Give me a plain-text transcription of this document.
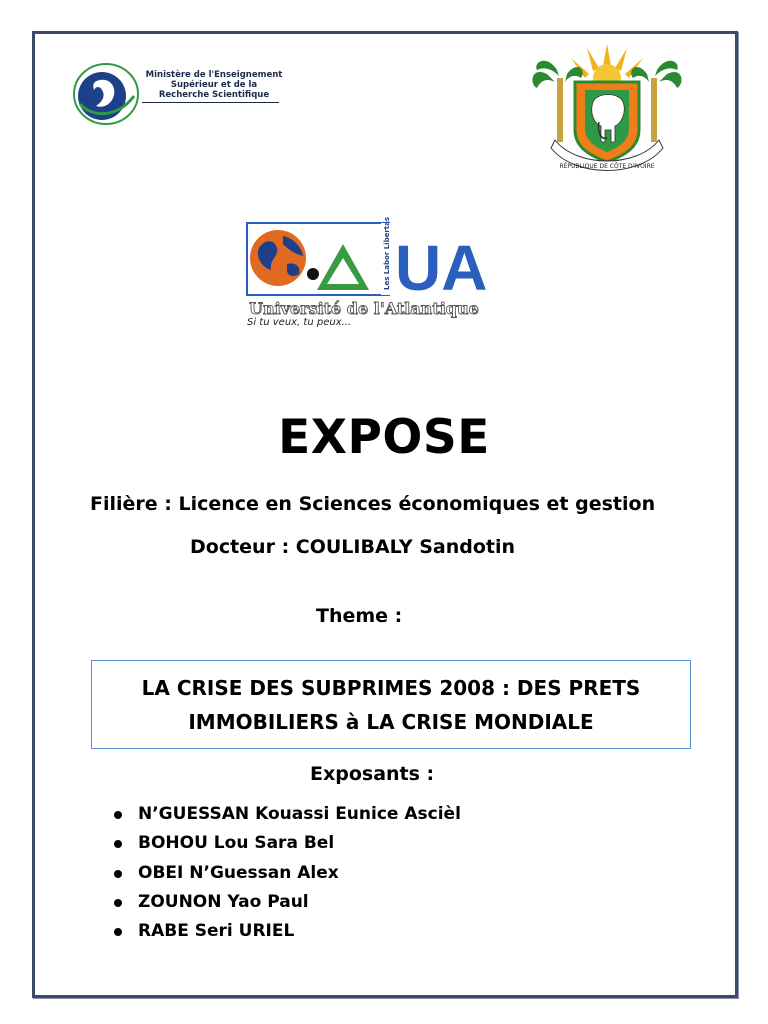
Ministère de l'Enseignement
Supérieur et de la
Recherche Scientifique
RÉPUBLIQUE DE CÔTE D'IVOIRE
Les Labor Libertas UA
Université de l'Atlantique
Si tu veux, tu peux...
EXPOSE
Filière : Licence en Sciences économiques et gestion
Docteur : COULIBALY Sandotin
Theme :
LA CRISE DES SUBPRIMES 2008 : DES PRETS
IMMOBILIERS à LA CRISE MONDIALE
Exposants :
N’GUESSAN Kouassi Eunice Ascièl
BOHOU Lou Sara Bel
OBEI N’Guessan Alex
ZOUNON Yao Paul
RABE Seri URIEL
